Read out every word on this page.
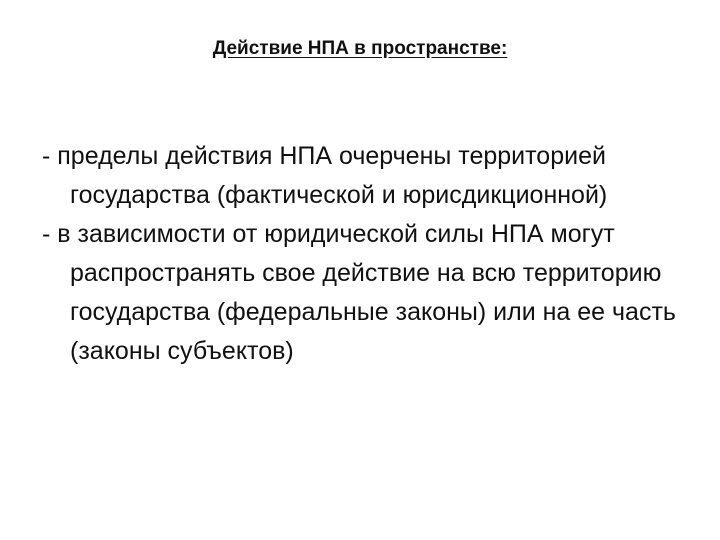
Действие НПА в пространстве:
- пределы действия НПА очерчены территорией государства (фактической и юрисдикционной)
- в зависимости от юридической силы НПА могут распространять свое действие на всю территорию государства (федеральные законы) или на ее часть (законы субъектов)
